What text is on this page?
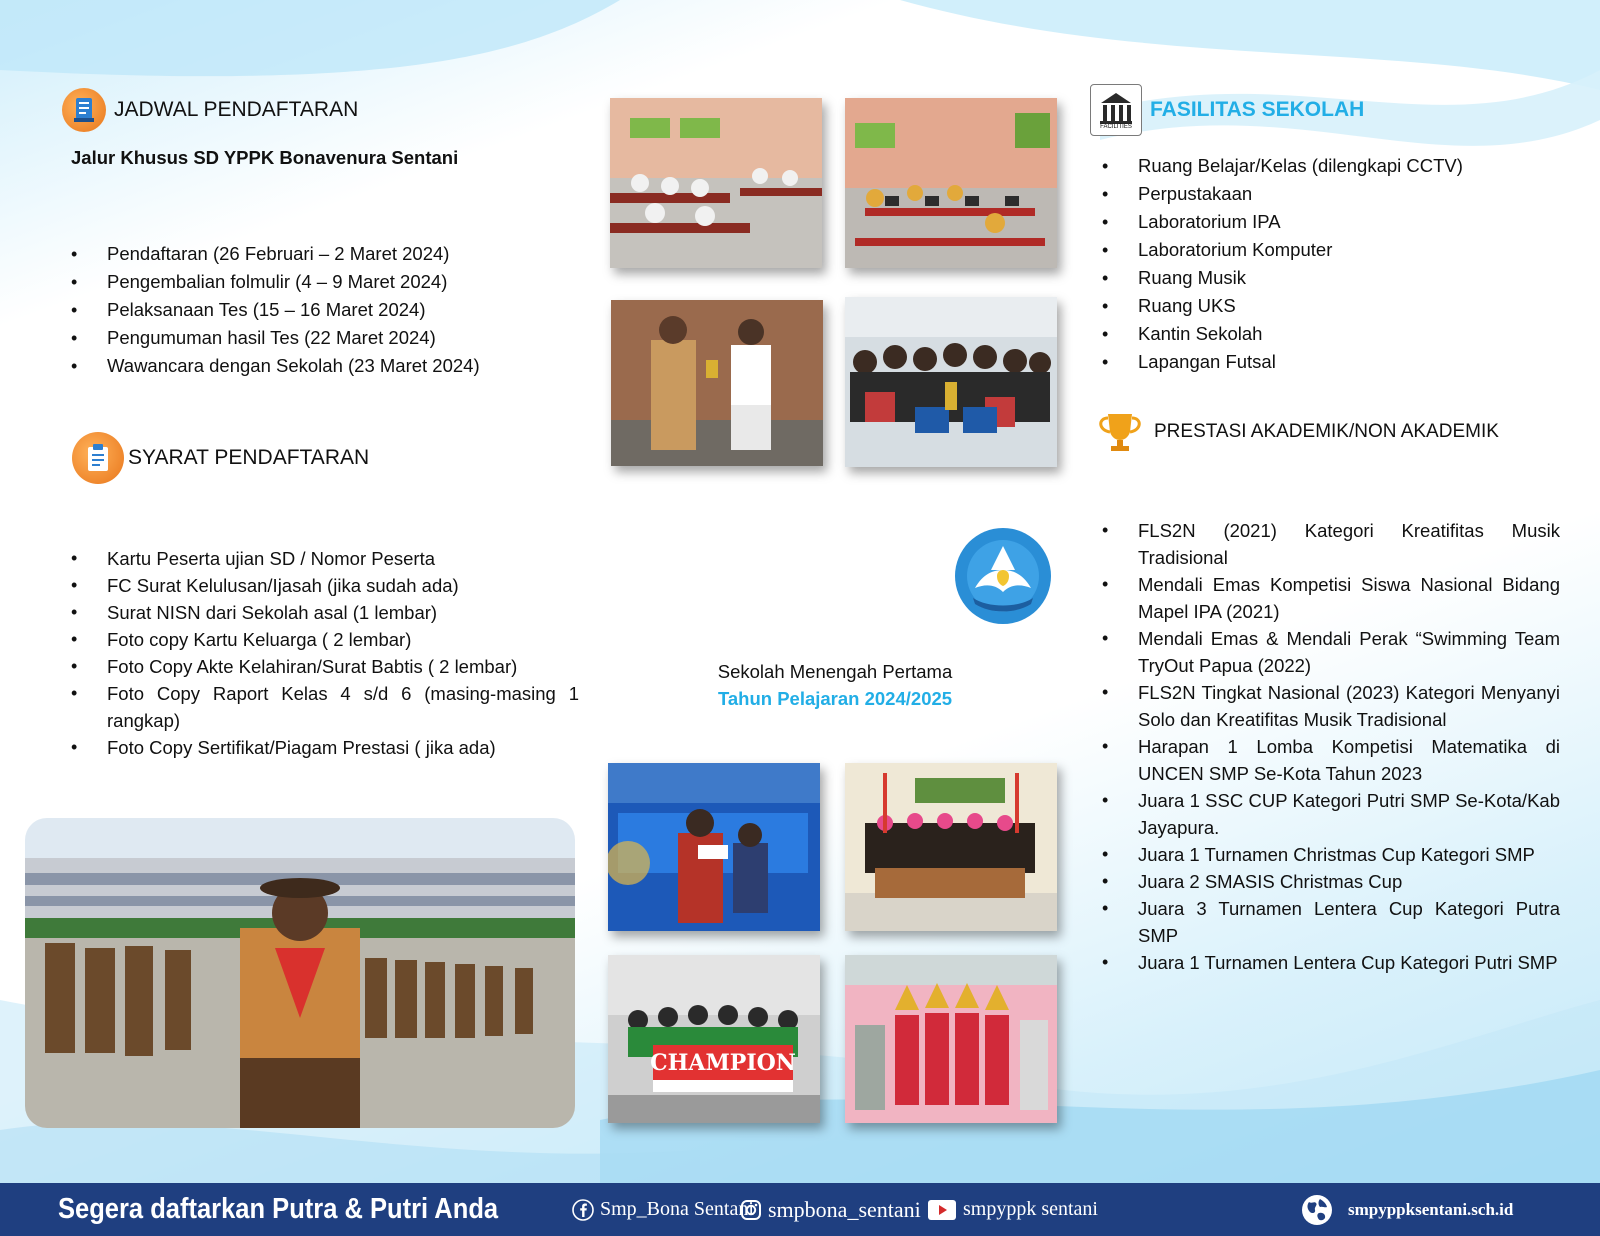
JADWAL PENDAFTARAN
Jalur Khusus SD YPPK Bonavenura Sentani
• Pendaftaran (26 Februari – 2 Maret 2024)
• Pengembalian folmulir (4 – 9 Maret 2024)
• Pelaksanaan Tes (15 – 16 Maret 2024)
• Pengumuman hasil Tes (22 Maret 2024)
• Wawancara dengan Sekolah (23 Maret 2024)
SYARAT PENDAFTARAN
• Kartu Peserta ujian SD / Nomor Peserta
• FC Surat Kelulusan/Ijasah (jika sudah ada)
• Surat NISN dari Sekolah asal (1 lembar)
• Foto copy Kartu Keluarga ( 2 lembar)
• Foto Copy Akte Kelahiran/Surat Babtis ( 2 lembar)
• Foto Copy Raport Kelas 4 s/d 6 (masing-masing 1 rangkap)
• Foto Copy Sertifikat/Piagam Prestasi ( jika ada)
Sekolah Menengah Pertama
Tahun Pelajaran 2024/2025
CHAMPION
FACILITIES
FASILITAS SEKOLAH
• Ruang Belajar/Kelas (dilengkapi CCTV)
• Perpustakaan
• Laboratorium IPA
• Laboratorium Komputer
• Ruang Musik
• Ruang UKS
• Kantin Sekolah
• Lapangan Futsal
PRESTASI AKADEMIK/NON AKADEMIK
• FLS2N (2021) Kategori Kreatifitas Musik Tradisional
• Mendali Emas Kompetisi Siswa Nasional Bidang Mapel IPA (2021)
• Mendali Emas & Mendali Perak “Swimming Team TryOut Papua (2022)
• FLS2N Tingkat Nasional (2023) Kategori Menyanyi Solo dan Kreatifitas Musik Tradisional
• Harapan 1 Lomba Kompetisi Matematika di UNCEN SMP Se-Kota Tahun 2023
• Juara 1 SSC CUP Kategori Putri SMP Se-Kota/Kab Jayapura.
• Juara 1 Turnamen Christmas Cup Kategori SMP
• Juara 2 SMASIS Christmas Cup
• Juara 3 Turnamen Lentera Cup Kategori Putra SMP
• Juara 1 Turnamen Lentera Cup Kategori Putri SMP
Segera daftarkan Putra & Putri Anda	Smp_Bona Sentani smpbona_sentani smpyppk sentani	smpyppksentani.sch.id
